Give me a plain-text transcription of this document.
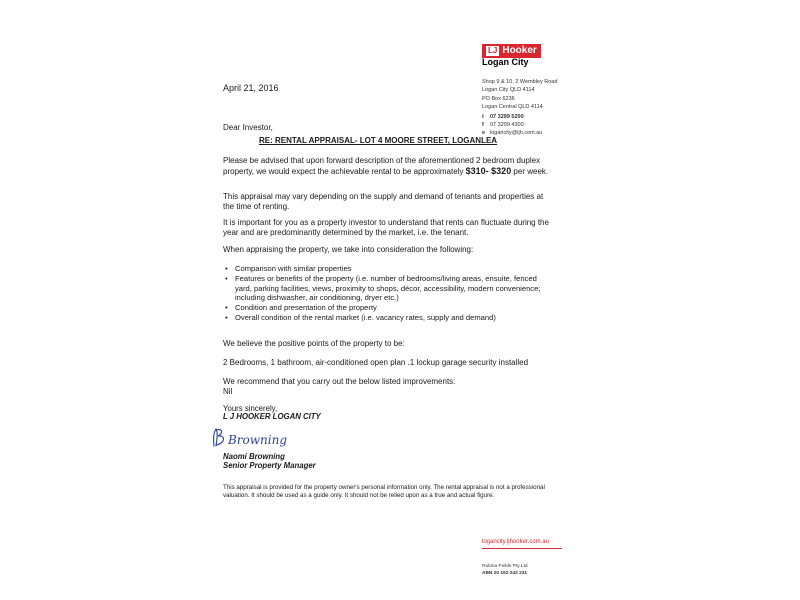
LJ Hooker
Logan City
Shop 9 & 10, 2 Wembley Road
Logan City QLD 4114
PO Box 6236
Logan Central QLD 4114
t 07 3299 5200
f 07 3299 4300
e logancity@ljh.com.au
April 21, 2016
Dear Investor,
RE: RENTAL APPRAISAL- LOT 4 MOORE STREET, LOGANLEA
Please be advised that upon forward description of the aforementioned 2 bedroom duplex property, we would expect the achievable rental to be approximately $310- $320 per week.
This appraisal may vary depending on the supply and demand of tenants and properties at the time of renting.
It is important for you as a property investor to understand that rents can fluctuate during the year and are predominantly determined by the market, i.e. the tenant.
When appraising the property, we take into consideration the following:
• Comparison with similar properties
• Features or benefits of the property (i.e. number of bedrooms/living areas, ensuite, fenced yard, parking facilities, views, proximity to shops, décor, accessibility, modern convenience; including dishwasher, air conditioning, dryer etc.)
• Condition and presentation of the property
• Overall condition of the rental market (i.e. vacancy rates, supply and demand)
We believe the positive points of the property to be:
2 Bedrooms, 1 bathroom, air-conditioned open plan .1 lockup garage security installed
We recommend that you carry out the below listed improvements:
Nil
Yours sincerely,
L J HOOKER LOGAN CITY
Browning
Naomi Browning
Senior Property Manager
This appraisal is provided for the property owner's personal information only. The rental appraisal is not a professional valuation. It should be used as a guide only. It should not be relied upon as a true and actual figure.
logancity.ljhooker.com.au
Rubina Fields Pty Ltd
ABN 20 162 242 231
